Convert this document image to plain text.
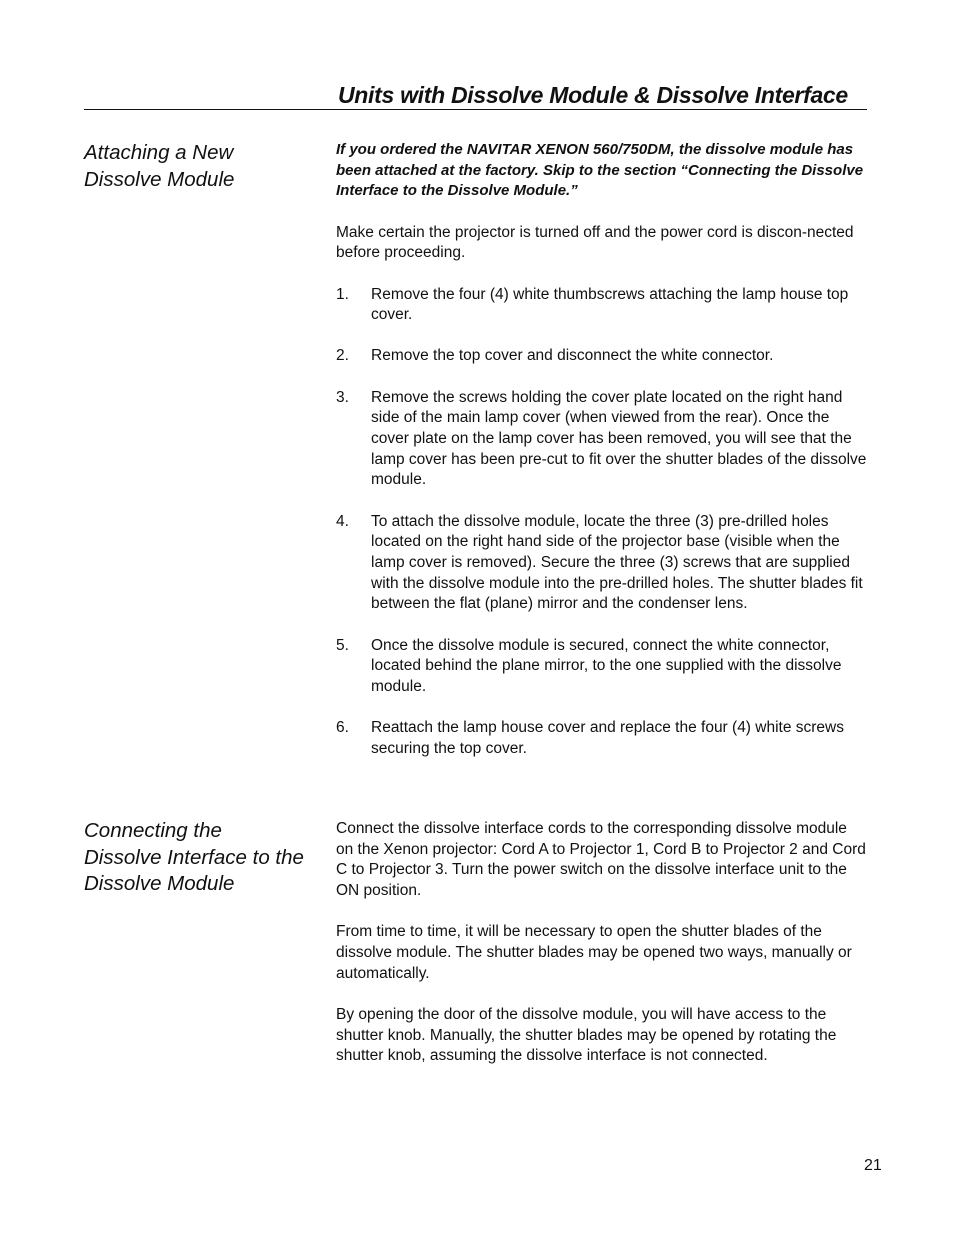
Units with Dissolve Module & Dissolve Interface
Attaching a New
Dissolve Module

If you ordered the NAVITAR XENON 560/750DM, the dissolve module has been attached at the factory. Skip to the section “Connecting the Dissolve Interface to the Dissolve Module.”

Make certain the projector is turned off and the power cord is discon-nected before proceeding.

1. Remove the four (4) white thumbscrews attaching the lamp house top cover.
2. Remove the top cover and disconnect the white connector.
3. Remove the screws holding the cover plate located on the right hand side of the main lamp cover (when viewed from the rear). Once the cover plate on the lamp cover has been removed, you will see that the lamp cover has been pre-cut to fit over the shutter blades of the dissolve module.
4. To attach the dissolve module, locate the three (3) pre-drilled holes located on the right hand side of the projector base (visible when the lamp cover is removed). Secure the three (3) screws that are supplied with the dissolve module into the pre-drilled holes. The shutter blades fit between the flat (plane) mirror and the condenser lens.
5. Once the dissolve module is secured, connect the white connector, located behind the plane mirror, to the one supplied with the dissolve module.
6. Reattach the lamp house cover and replace the four (4) white screws securing the top cover.
Connecting the
Dissolve Interface to the
Dissolve Module

Connect the dissolve interface cords to the corresponding dissolve module on the Xenon projector: Cord A to Projector 1, Cord B to Projector 2 and Cord C to Projector 3. Turn the power switch on the dissolve interface unit to the ON position.

From time to time, it will be necessary to open the shutter blades of the dissolve module. The shutter blades may be opened two ways, manually or automatically.

By opening the door of the dissolve module, you will have access to the shutter knob. Manually, the shutter blades may be opened by rotating the shutter knob, assuming the dissolve interface is not connected.

21
